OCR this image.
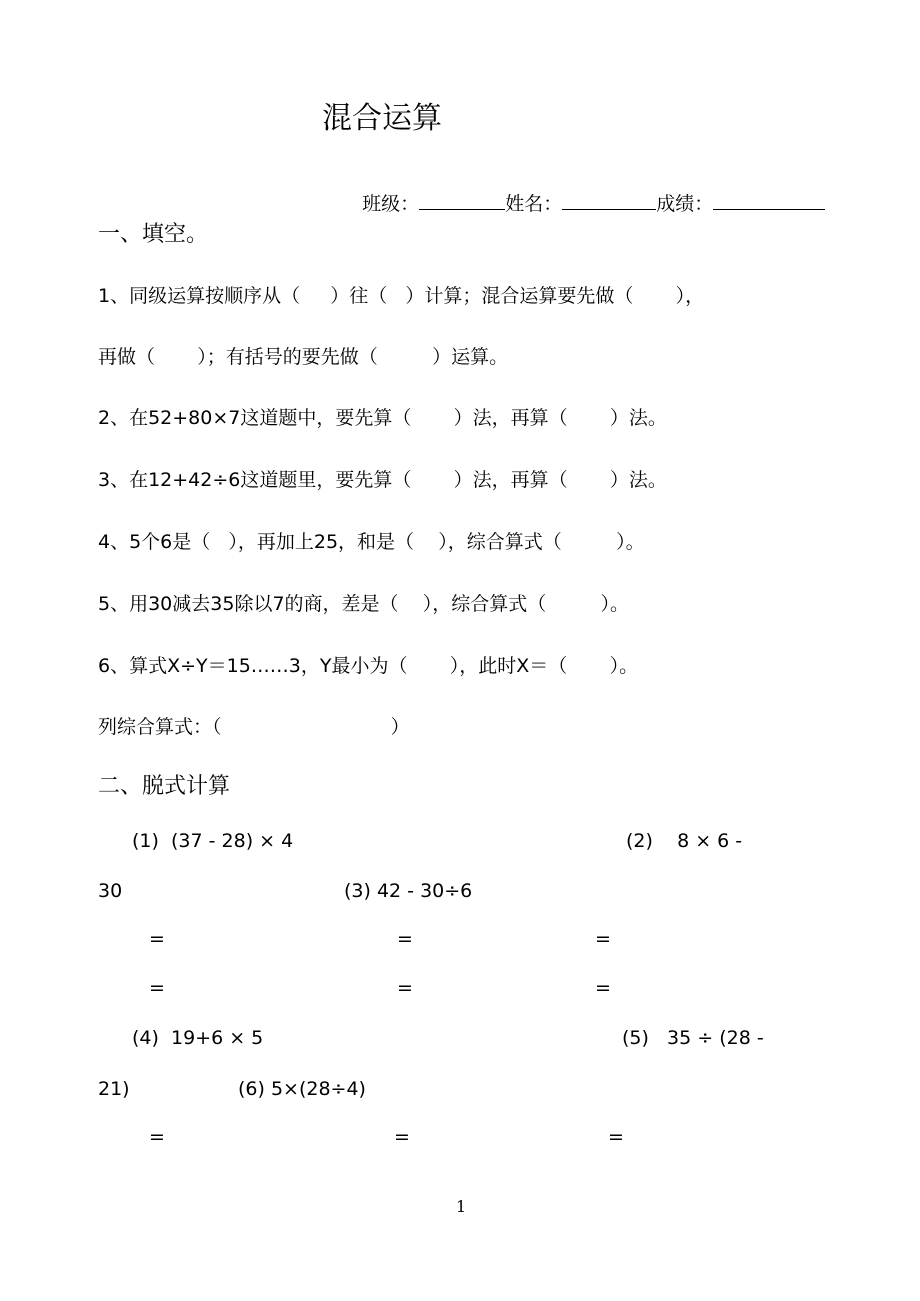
混合运算

班级：	姓名：	成绩：

一、填空。
1、同级运算按顺序从（     ）往（   ）计算；混合运算要先做（       ），
再做（       ）；有括号的要先做（         ）运算。
2、在52+80×7这道题中，要先算（       ）法，再算（       ）法。
3、在12+42÷6这道题里，要先算（       ）法，再算（       ）法。
4、5个6是（   ），再加上25，和是（    ），综合算式（         ）。
5、用30减去35除以7的商，差是（    ），综合算式（         ）。
6、算式X÷Y＝15……3，Y最小为（       ），此时X＝（       ）。
列综合算式：（                            ）
二、脱式计算
(1)  (37 - 28) × 4	(2)    8 × 6 -
30	(3) 42 - 30÷6
=	=	=
=	=	=
(4)  19+6 × 5	(5)   35 ÷ (28 -
21)	(6) 5×(28÷4)
=	=	=
1
